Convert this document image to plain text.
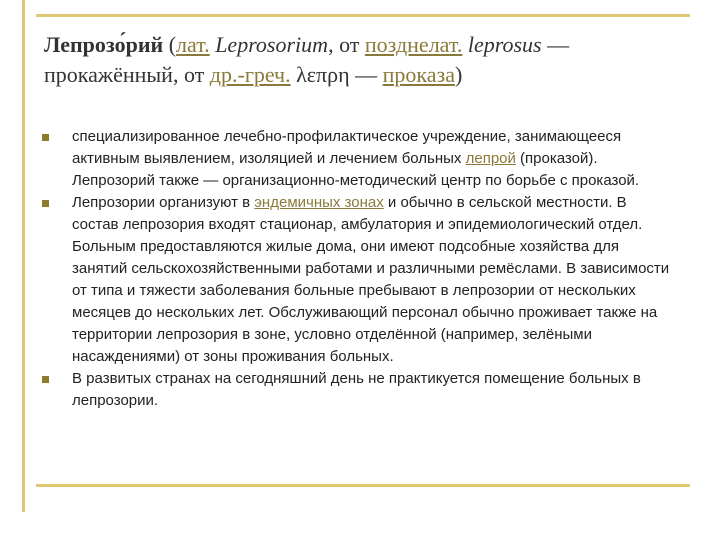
Лепрозо́рий (лат. Leprosorium, от позднелат. leprosus —
прокажённый, от др.-греч. λεπρη — проказа)
специализированное лечебно-профилактическое учреждение, занимающееся активным выявлением, изоляцией и лечением больных лепрой (проказой). Лепрозорий также — организационно-методический центр по борьбе с проказой.
Лепрозории организуют в эндемичных зонах и обычно в сельской местности. В состав лепрозория входят стационар, амбулатория и эпидемиологический отдел. Больным предоставляются жилые дома, они имеют подсобные хозяйства для занятий сельскохозяйственными работами и различными ремёслами. В зависимости от типа и тяжести заболевания больные пребывают в лепрозории от нескольких месяцев до нескольких лет. Обслуживающий персонал обычно проживает также на территории лепрозория в зоне, условно отделённой (например, зелёными насаждениями) от зоны проживания больных.
В развитых странах на сегодняшний день не практикуется помещение больных в лепрозории.
